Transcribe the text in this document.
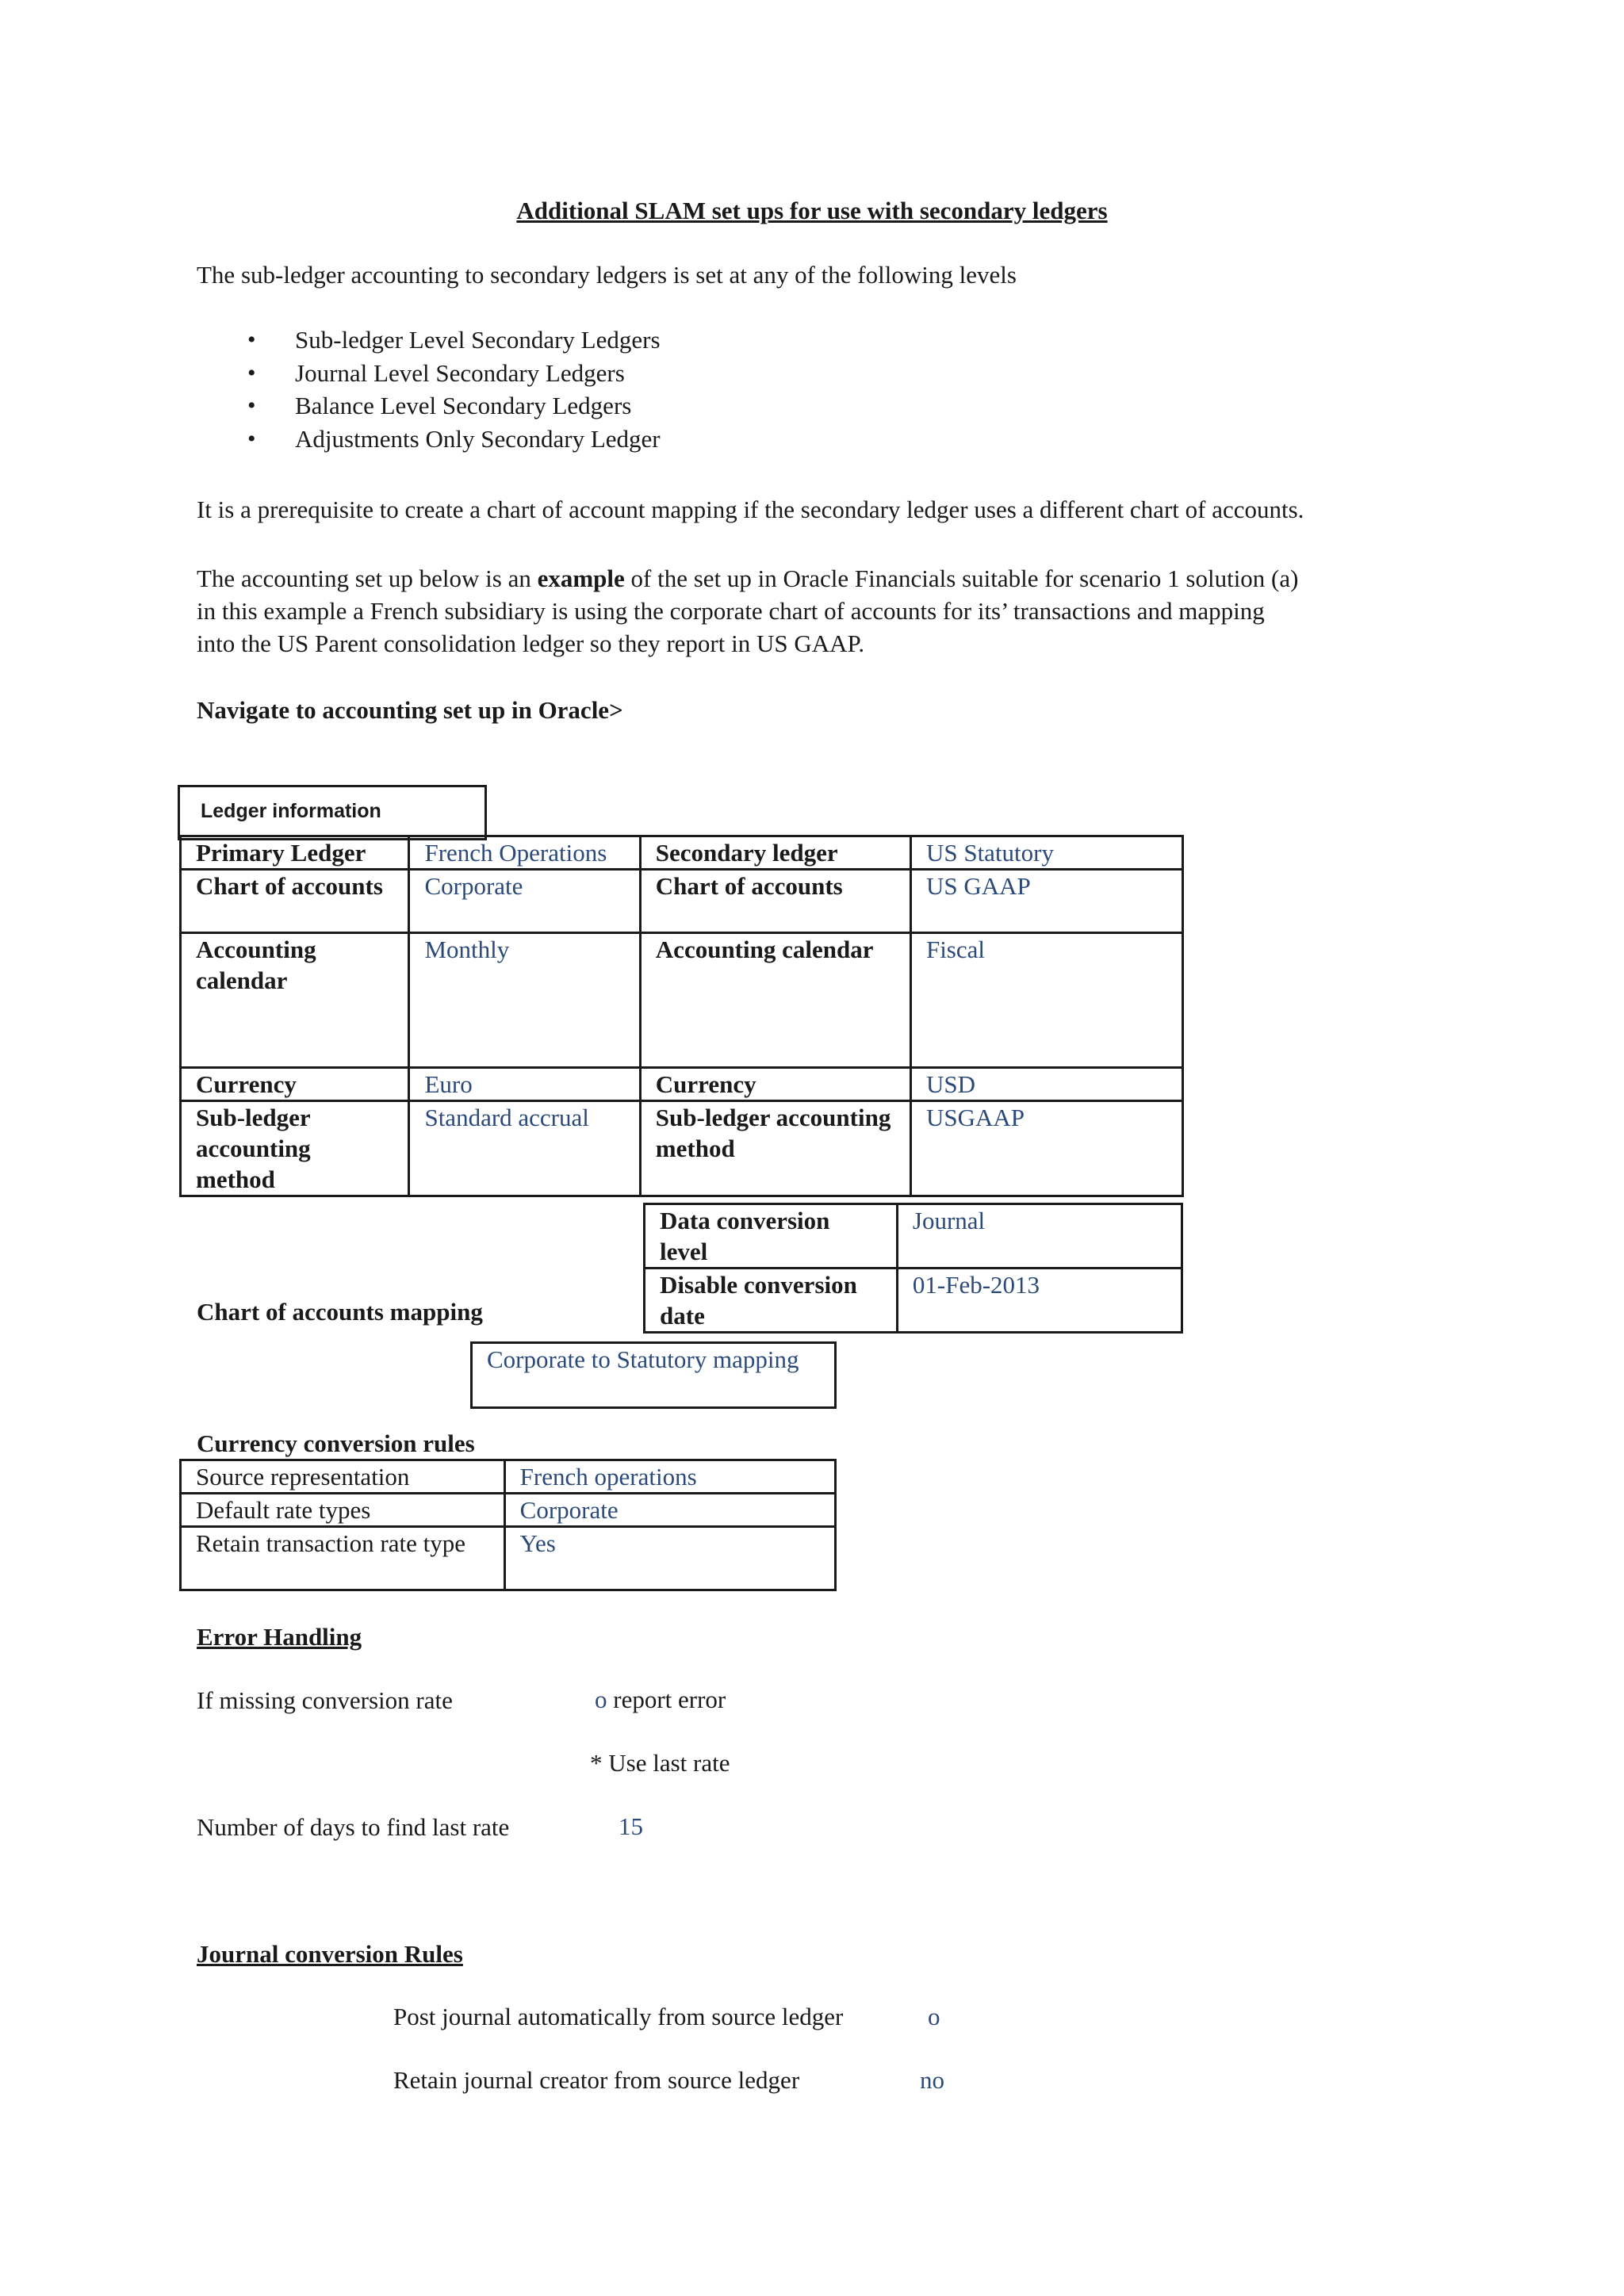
Additional SLAM set ups for use with secondary ledgers
The sub-ledger accounting to secondary ledgers is set at any of the following levels
• Sub-ledger Level Secondary Ledgers
• Journal Level Secondary Ledgers
• Balance Level Secondary Ledgers
• Adjustments Only Secondary Ledger
It is a prerequisite to create a chart of account mapping if the secondary ledger uses a different chart of accounts.
The accounting set up below is an example of the set up in Oracle Financials suitable for scenario 1 solution (a)
in this example a French subsidiary is using the corporate chart of accounts for its’ transactions and mapping
into the US Parent consolidation ledger so they report in US GAAP.
Navigate to accounting set up in Oracle>
Ledger information
Primary Ledger	French Operations	Secondary ledger	US Statutory
Chart of accounts	Corporate	Chart of accounts	US GAAP
Accounting calendar	Monthly	Accounting calendar	Fiscal
Currency	Euro	Currency	USD
Sub-ledger accounting method	Standard accrual	Sub-ledger accounting method	USGAAP
Data conversion level	Journal
Disable conversion date	01-Feb-2013
Chart of accounts mapping
Corporate to Statutory mapping
Currency conversion rules
Source representation	French operations
Default rate types	Corporate
Retain transaction rate type	Yes
Error Handling
If missing conversion rate	o report error
* Use last rate
Number of days to find last rate	15
Journal conversion Rules
Post journal automatically from source ledger	o
Retain journal creator from source ledger	no
